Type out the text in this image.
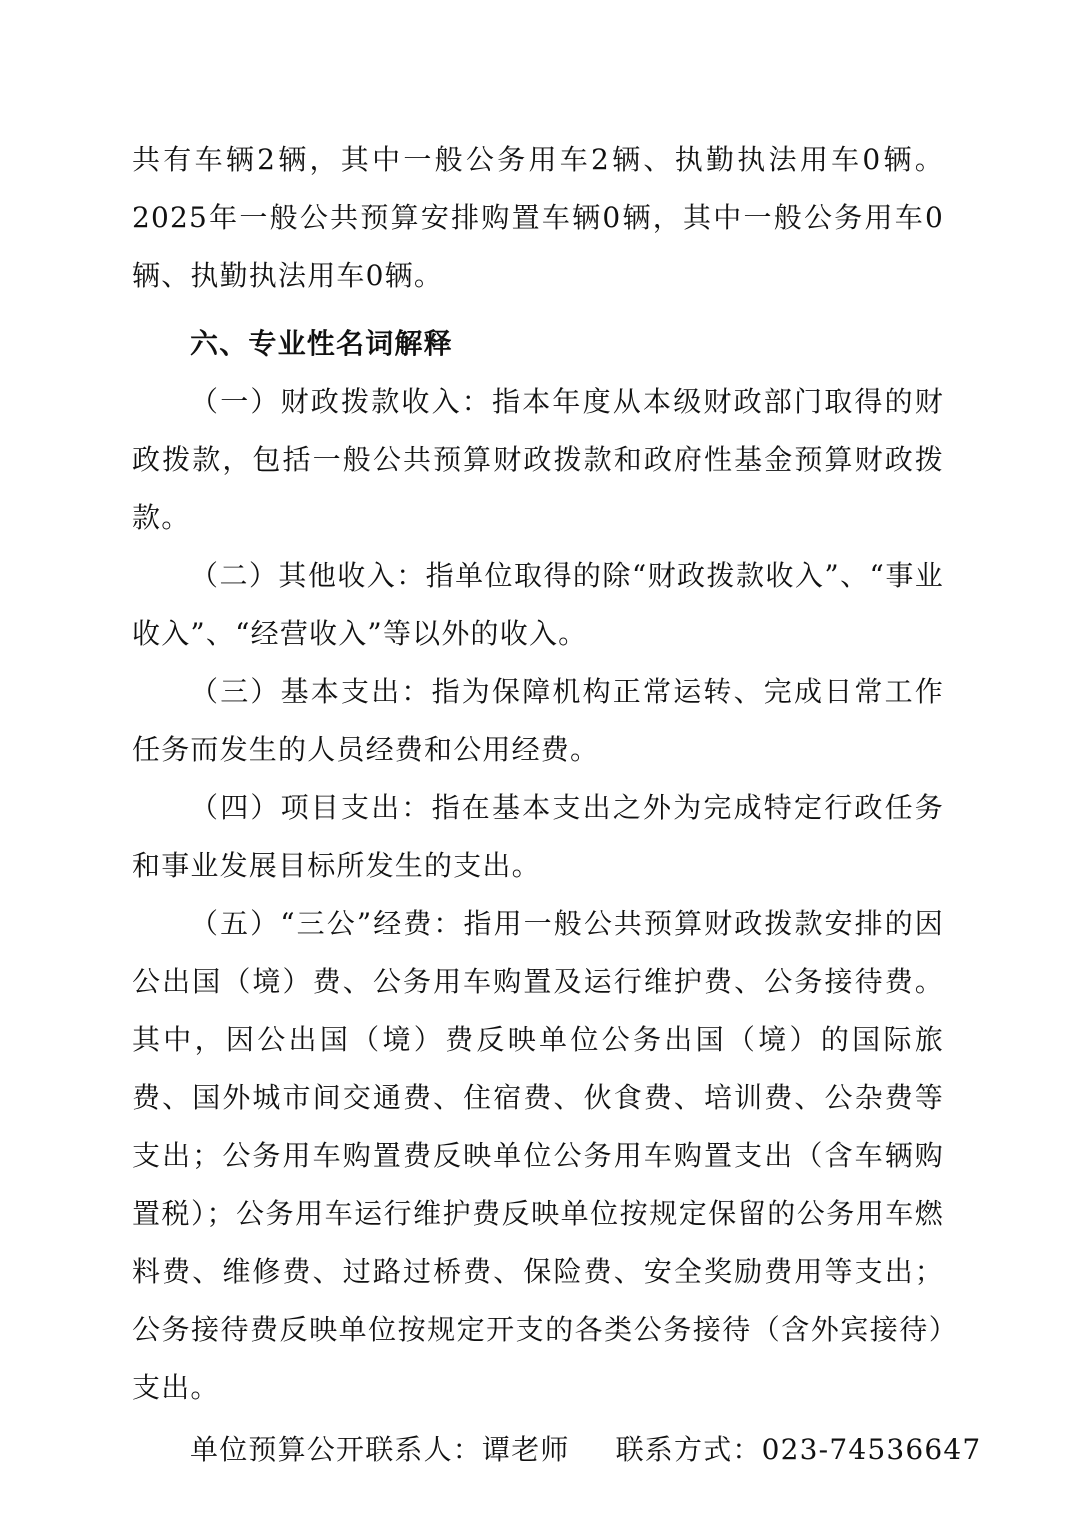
共有车辆2辆，其中一般公务用车2辆、执勤执法用车0辆。2025年一般公共预算安排购置车辆0辆，其中一般公务用车0辆、执勤执法用车0辆。

六、专业性名词解释

（一）财政拨款收入：指本年度从本级财政部门取得的财政拨款，包括一般公共预算财政拨款和政府性基金预算财政拨款。

（二）其他收入：指单位取得的除“财政拨款收入”、“事业收入”、“经营收入”等以外的收入。

（三）基本支出：指为保障机构正常运转、完成日常工作任务而发生的人员经费和公用经费。

（四）项目支出：指在基本支出之外为完成特定行政任务和事业发展目标所发生的支出。

（五）“三公”经费：指用一般公共预算财政拨款安排的因公出国（境）费、公务用车购置及运行维护费、公务接待费。其中，因公出国（境）费反映单位公务出国（境）的国际旅费、国外城市间交通费、住宿费、伙食费、培训费、公杂费等支出；公务用车购置费反映单位公务用车购置支出（含车辆购置税）；公务用车运行维护费反映单位按规定保留的公务用车燃料费、维修费、过路过桥费、保险费、安全奖励费用等支出；公务接待费反映单位按规定开支的各类公务接待（含外宾接待）支出。

单位预算公开联系人：谭老师 联系方式：023-74536647
